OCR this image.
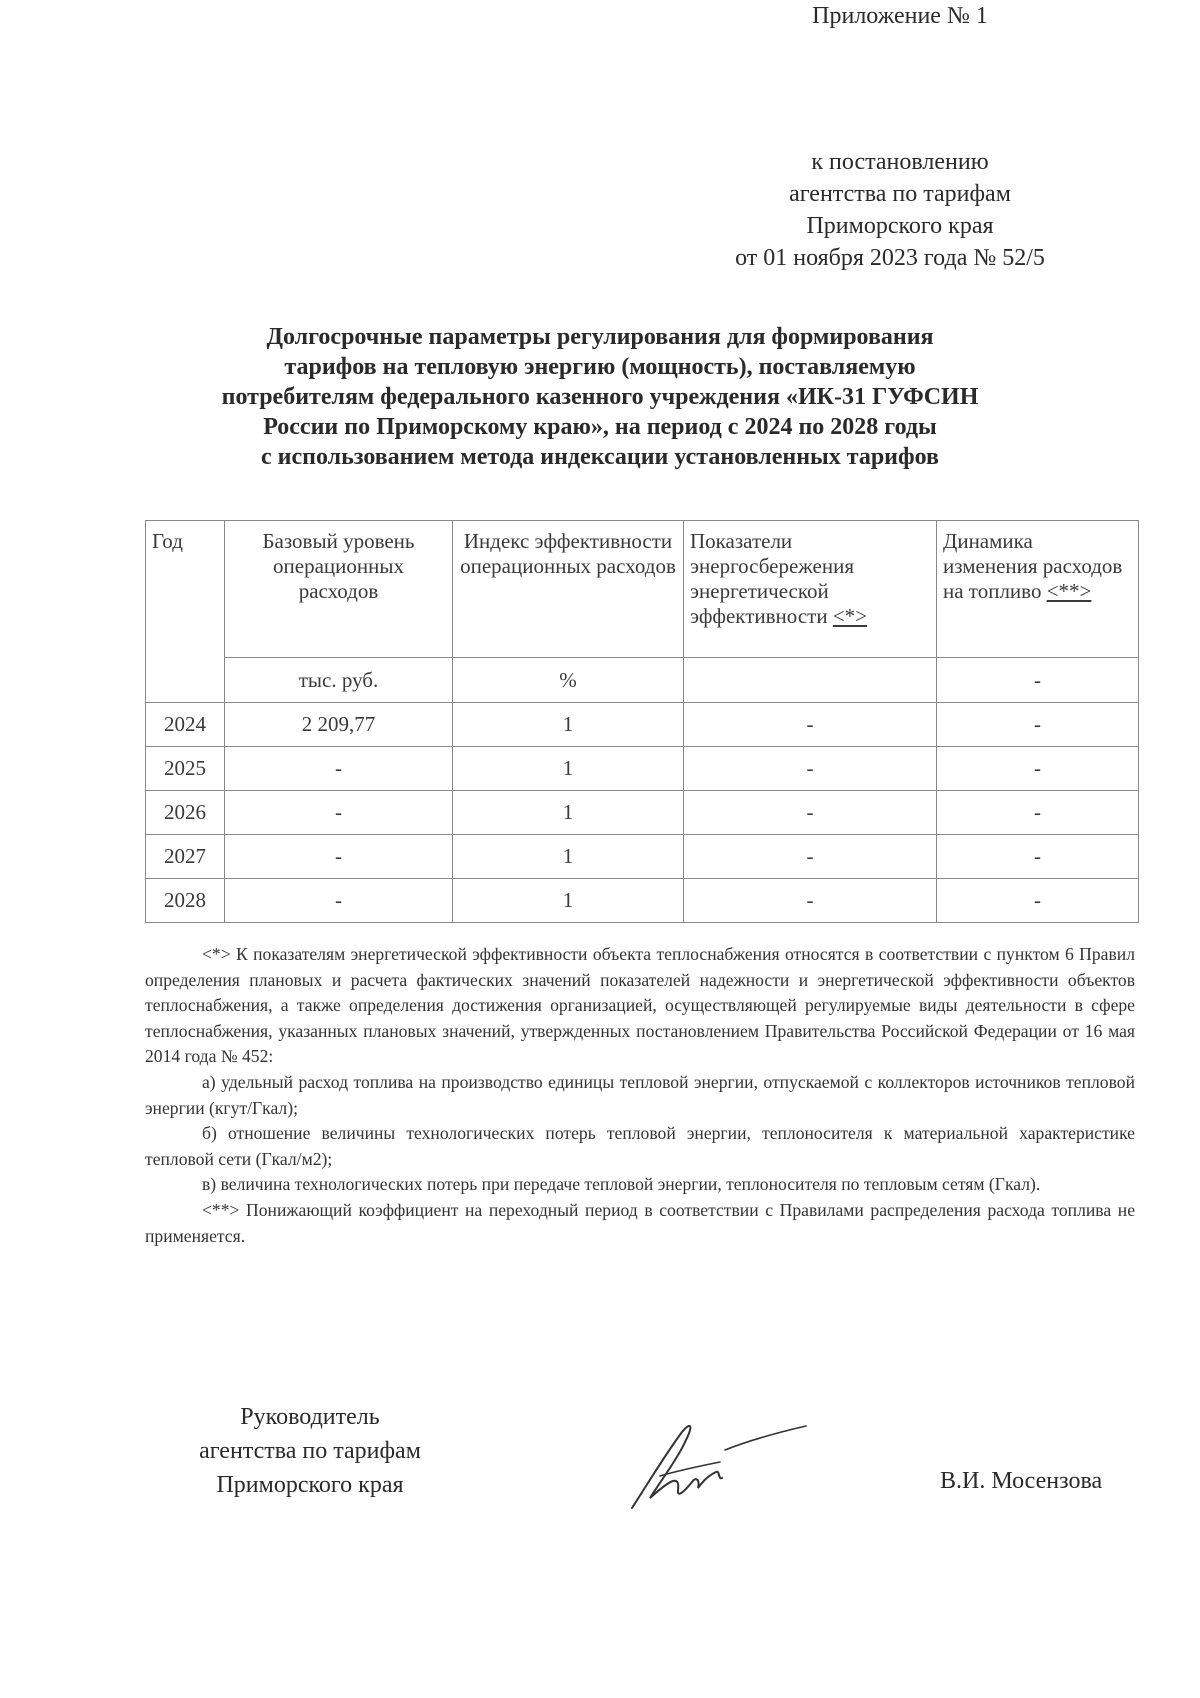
Приложение № 1
к постановлению
агентства по тарифам
Приморского края
от 01 ноября 2023 года № 52/5
Долгосрочные параметры регулирования для формирования
тарифов на тепловую энергию (мощность), поставляемую
потребителям федерального казенного учреждения «ИК-31 ГУФСИН
России по Приморскому краю», на период с 2024 по 2028 годы
с использованием метода индексации установленных тарифов
Год	Базовый уровень операционных расходов	Индекс эффективности операционных расходов	Показатели энергосбережения энергетической эффективности <*>	Динамика изменения расходов на топливо <**>
	тыс. руб.	%		-
2024	2 209,77	1	-	-
2025	-	1	-	-
2026	-	1	-	-
2027	-	1	-	-
2028	-	1	-	-

<*> К показателям энергетической эффективности объекта теплоснабжения относятся в соответствии с пунктом 6 Правил определения плановых и расчета фактических значений показателей надежности и энергетической эффективности объектов теплоснабжения, а также определения достижения организацией, осуществляющей регулируемые виды деятельности в сфере теплоснабжения, указанных плановых значений, утвержденных постановлением Правительства Российской Федерации от 16 мая 2014 года № 452:

а) удельный расход топлива на производство единицы тепловой энергии, отпускаемой с коллекторов источников тепловой энергии (кгут/Гкал);

б) отношение величины технологических потерь тепловой энергии, теплоносителя к материальной характеристике тепловой сети (Гкал/м2);

в) величина технологических потерь при передаче тепловой энергии, теплоносителя по тепловым сетям (Гкал).

<**> Понижающий коэффициент на переходный период в соответствии с Правилами распределения расхода топлива не применяется.

Руководитель
агентства по тарифам
Приморского края	В.И. Мосензова
